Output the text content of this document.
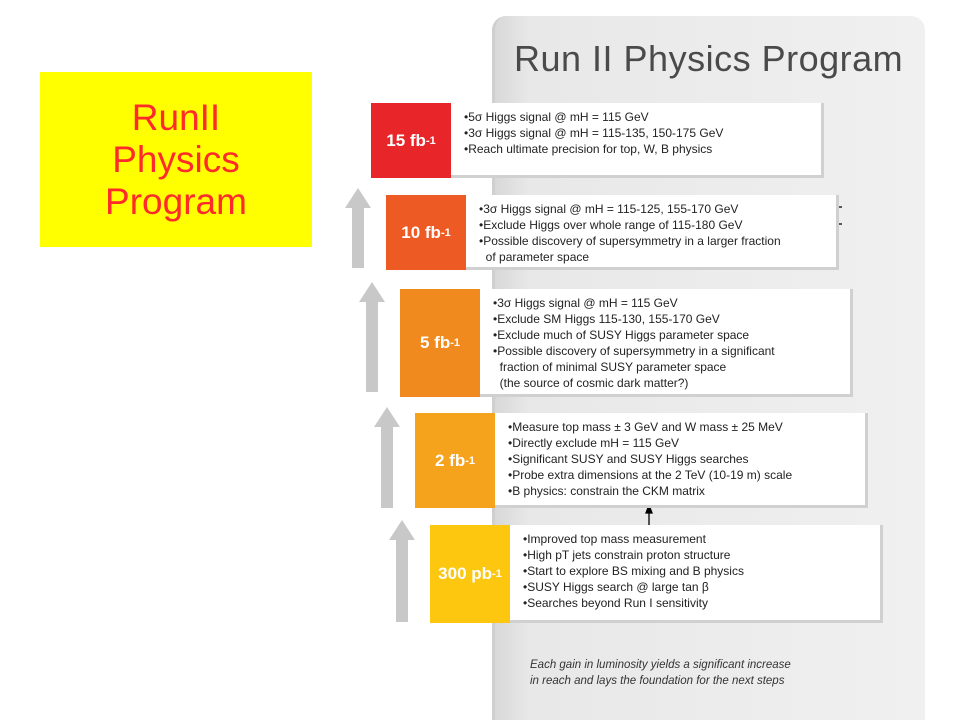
RunII
Physics
Program
Run II Physics Program
15 fb -1
• 5σ Higgs signal @ mH = 115 GeV
• 3σ Higgs signal @ mH = 115-135, 150-175 GeV
• Reach ultimate precision for top, W, B physics
10 fb -1
• 3σ Higgs signal @ mH = 115-125, 155-170 GeV
• Exclude Higgs over whole range of 115-180 GeV
• Possible discovery of supersymmetry in a larger fraction
of parameter space
5 fb -1
• 3σ Higgs signal @ mH = 115 GeV
• Exclude SM Higgs 115-130, 155-170 GeV
• Exclude much of SUSY Higgs parameter space
• Possible discovery of supersymmetry in a significant
fraction of minimal SUSY parameter space
(the source of cosmic dark matter?)
2 fb -1
• Measure top mass ± 3 GeV and W mass ± 25 MeV
• Directly exclude mH = 115 GeV
• Significant SUSY and SUSY Higgs searches
• Probe extra dimensions at the 2 TeV (10-19 m) scale
• B physics: constrain the CKM matrix
300 pb -1
• Improved top mass measurement
• High pT jets constrain proton structure
• Start to explore BS mixing and B physics
• SUSY Higgs search @ large tan β
• Searches beyond Run I sensitivity
Each gain in luminosity yields a significant increase
in reach and lays the foundation for the next steps
